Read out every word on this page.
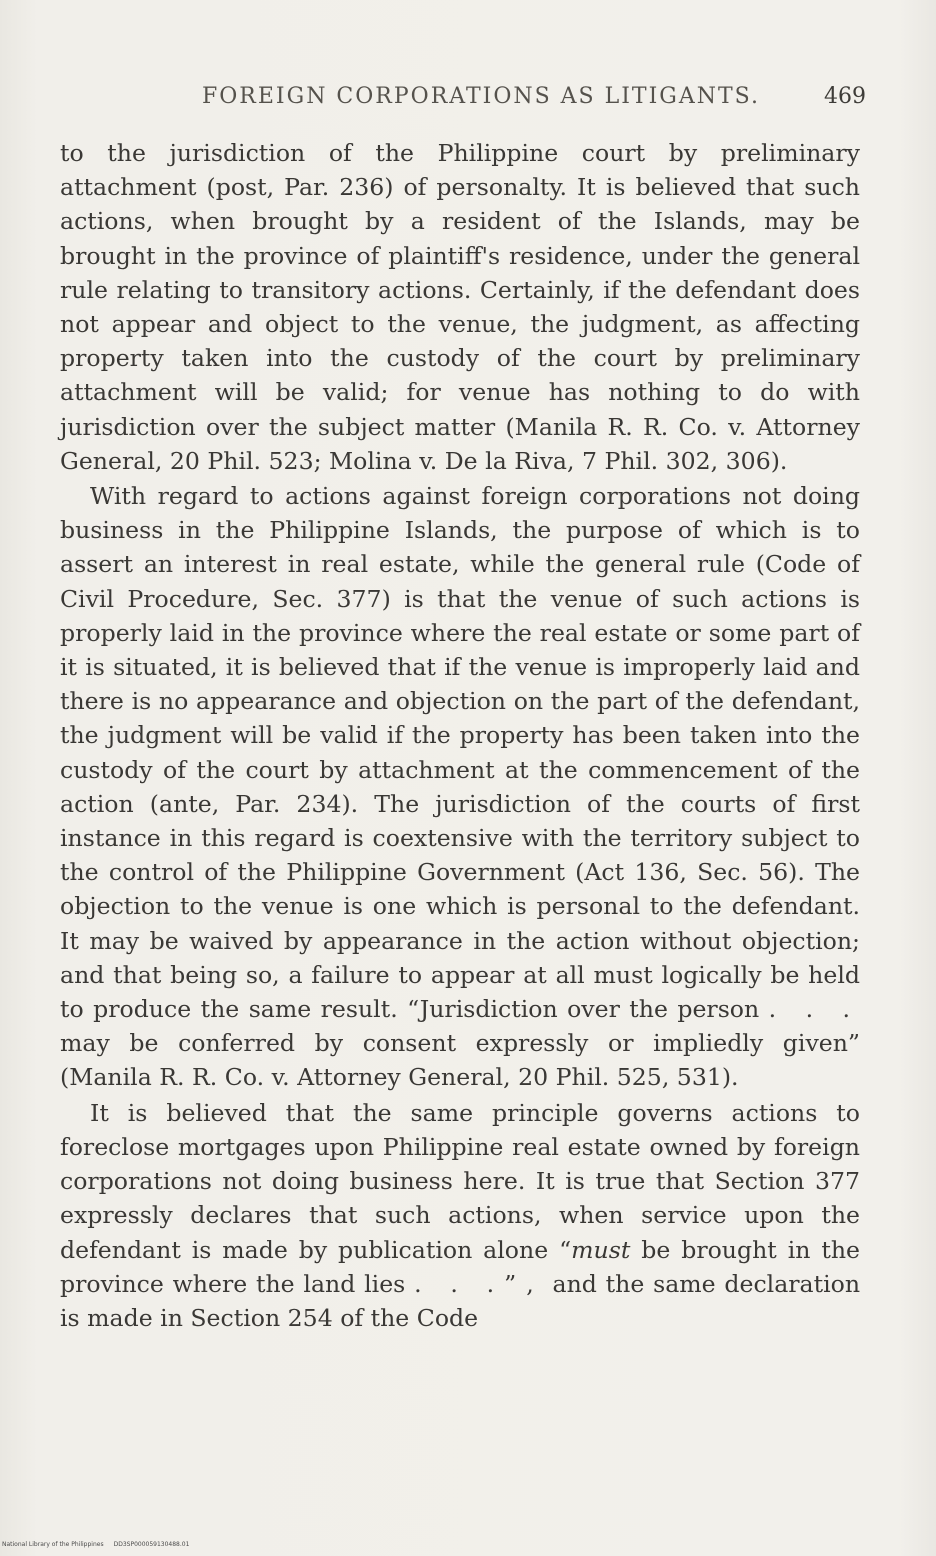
FOREIGN CORPORATIONS AS LITIGANTS.	469

to the jurisdiction of the Philippine court by preliminary attachment (post, Par. 236) of personalty. It is believed that such actions, when brought by a resident of the Islands, may be brought in the province of plaintiff's residence, under the general rule relating to transitory actions. Certainly, if the defendant does not appear and object to the venue, the judgment, as affecting property taken into the custody of the court by preliminary attachment will be valid; for venue has nothing to do with jurisdiction over the subject matter (Manila R. R. Co. v. Attorney General, 20 Phil. 523; Molina v. De la Riva, 7 Phil. 302, 306).

With regard to actions against foreign corporations not doing business in the Philippine Islands, the purpose of which is to assert an interest in real estate, while the general rule (Code of Civil Procedure, Sec. 377) is that the venue of such actions is properly laid in the province where the real estate or some part of it is situated, it is believed that if the venue is improperly laid and there is no appearance and objection on the part of the defendant, the judgment will be valid if the property has been taken into the custody of the court by attachment at the commencement of the action (ante, Par. 234). The jurisdiction of the courts of first instance in this regard is coextensive with the territory subject to the control of the Philippine Government (Act 136, Sec. 56). The objection to the venue is one which is personal to the defendant. It may be waived by appearance in the action without objection; and that being so, a failure to appear at all must logically be held to produce the same result. “Jurisdiction over the person . . . may be conferred by consent expressly or impliedly given” (Manila R. R. Co. v. Attorney General, 20 Phil. 525, 531).

It is believed that the same principle governs actions to foreclose mortgages upon Philippine real estate owned by foreign corporations not doing business here. It is true that Section 377 expressly declares that such actions, when service upon the defendant is made by publication alone “must be brought in the province where the land lies . . .”, and the same declaration is made in Section 254 of the Code

National Library of the Philippines DD3SP000059130488.01
